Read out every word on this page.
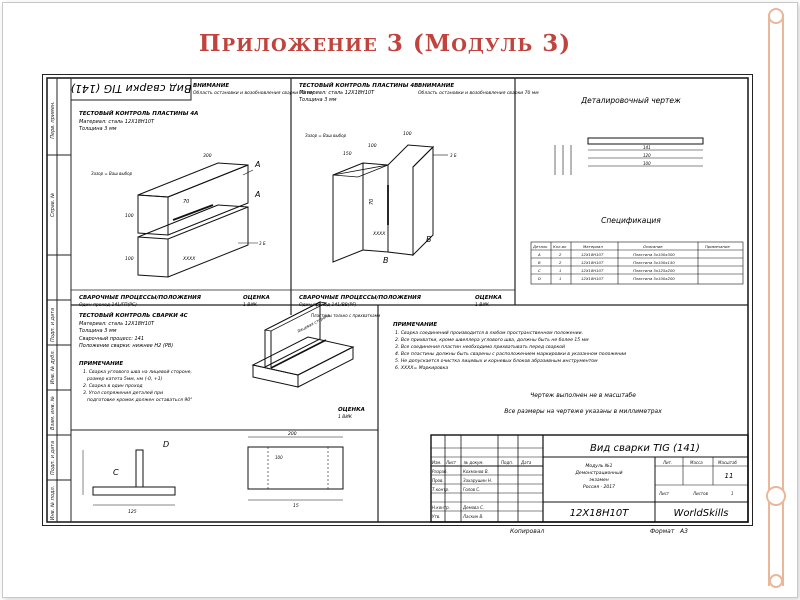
ПРИЛОЖЕНИЕ 3 (МОДУЛЬ 3)
Перв. примен.
Справ. №
Подп. и дата
Инв. № дубл.
Взам. инв. №
Подп. и дата
Инв. № подл.
Вид сварки TIG (141) ВНИМАНИЕ
Область остановки и возобновления сварки 70 мм
ТЕСТОВЫЙ КОНТРОЛЬ ПЛАСТИНЫ 4А
Материал: сталь 12Х18Н10Т
Толщина 3 мм
Зазор = Ваш выбор
70
300
100
100	XXXX
A
A
3 Б
СВАРОЧНЫЕ ПРОЦЕССЫ/ПОЛОЖЕНИЯ
Один проход 141/ГП(PC)
ОЦЕНКА
1 ВИК
ТЕСТОВЫЙ КОНТРОЛЬ ПЛАСТИНЫ 4В
Материал: сталь 12Х18Н10Т
Толщина 3 мм
ВНИМАНИЕ
Область остановки и возобновления сварки 70 мм
Зазор = Ваш выбор
70
150
100
100
XXXX
B
B
3 Б
СВАРОЧНЫЕ ПРОЦЕССЫ/ПОЛОЖЕНИЯ
Один проход 141/ВВ(PF)
ОЦЕНКА
1 ВИК
Деталировочный чертеж
141
120
100
Спецификация
Деталь Кол-во	Материал	Описание	Примечание
A	2	12Х18Н10Т	Пластина 3х100х300
B	2	12Х18Н10Т	Пластина 3х100х150
C	1	12Х18Н10Т	Пластина 3х125х200
D	1	12Х18Н10Т	Пластина 3х100х200
ТЕСТОВЫЙ КОНТРОЛЬ СВАРКИ 4С
Материал: сталь 12Х18Н10Т
Толщина 3 мм
Сварочный процесс: 141
Положение сварки: нижнее Н2 (PB)
ПРИМЕЧАНИЕ
1. Сварка углового шва на лицевой стороне,
размер катета 5мм, нм (-0, +1)
2. Сварка в один проход
3. Угол сопряжения деталей при
подготовке кромок должен оставаться 90°
Пластины только с прихватками
Лицевая сторона
ОЦЕНКА
1 ВИК
C
D
125
200
100
15
ПРИМЕЧАНИЕ
1. Сварка соединений производится в любом пространственном положении.
2. Все прихватки, кроме швеллера углового шва, должны быть не более 15 мм
3. Все соединения пластин необходимо прихватывать перед сваркой
4. Все пластины должны быть сварены с расположением маркировки в указанном положении
5. Не допускается очистка лицевых и корневых блоков абразивным инструментом
6. XXXX= Маркировка
Чертеж выполнен не в масштабе
Все размеры на чертеже указаны в миллиметрах
Вид сварки TIG (141)
Модуль №1
Демонстрационный
экзамен
Россия - 2017
Изм. Лист № докум.	Подп. Дата
Разраб.	Кохманов В.
Пров.	Захарушин Н.
Т.контр.	Голов С.
Н.контр.	Демова С.
Утв.	Ласкин В.
Лит.	Масса	Масштаб
Лист	Листов	1
11
12Х18Н10Т	WorldSkills
Копировал	Формат А3
